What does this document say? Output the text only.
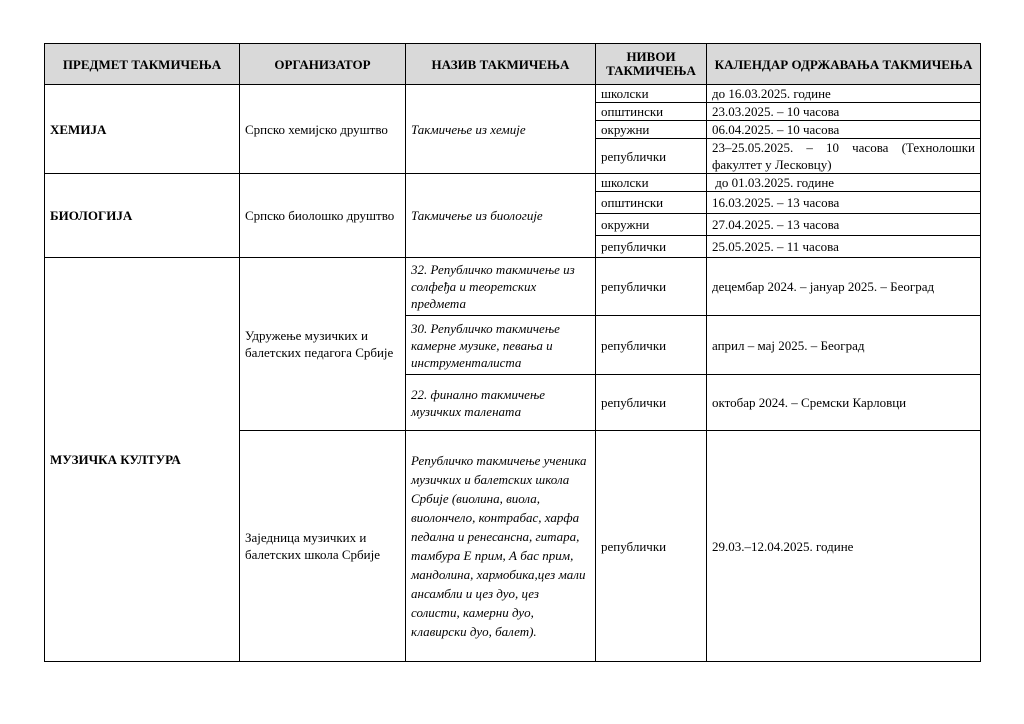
ПРЕДМЕТ ТАКМИЧЕЊА	ОРГАНИЗАТОР	НАЗИВ ТАКМИЧЕЊА	НИВОИ ТАКМИЧЕЊА	КАЛЕНДАР ОДРЖАВАЊА ТАКМИЧЕЊА
ХЕМИЈА	Српско хемијско друштво	Такмичење из хемије	школски	до 16.03.2025. године
			општински	23.03.2025. – 10 часова
			окружни	06.04.2025. – 10 часова
			републички	23–25.05.2025. – 10 часова (Технолошки факултет у Лесковцу)
БИОЛОГИЈА	Српско биолошко друштво	Такмичење из биологије	школски	до 01.03.2025. године
			општински	16.03.2025. – 13 часова
			окружни	27.04.2025. – 13 часова
			републички	25.05.2025. – 11 часова
МУЗИЧКА КУЛТУРА	Удружење музичких и балетских педагога Србије	32. Републичко такмичење из солфеђа и теоретских предмета	републички	децембар 2024. – јануар 2025. – Београд
		30. Републичко такмичење камерне музике, певања и инструменталиста	републички	април – мај 2025. – Београд
		22. финално такмичење музичких талената	републички	октобар 2024. – Сремски Карловци
	Заједница музичких и балетских школа Србије	Републичко такмичење ученика музичких и балетских школа Србије (виолина, виола, виолончело, контрабас, харфа педална и ренесансна, гитара, тамбура Е прим, А бас прим, мандолина, хармобика,цез мали ансамбли и цез дуо, цез солисти, камерни дуо, клавирски дуо, балет).	републички	29.03.–12.04.2025. године
